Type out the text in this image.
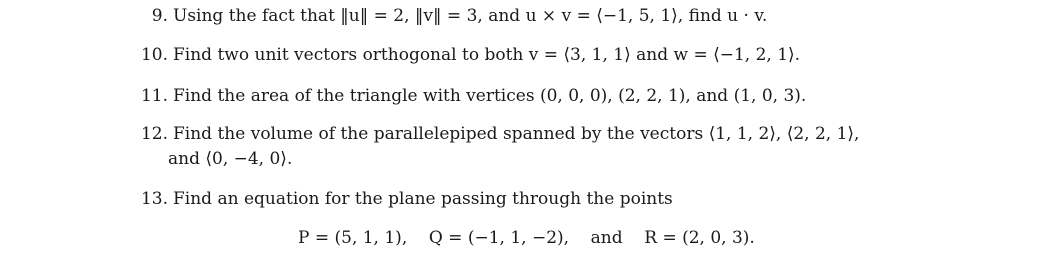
9. Using the fact that ‖u‖ = 2, ‖v‖ = 3, and u × v = ⟨−1, 5, 1⟩, find u · v.
10. Find two unit vectors orthogonal to both v = ⟨3, 1, 1⟩ and w = ⟨−1, 2, 1⟩.
11. Find the area of the triangle with vertices (0, 0, 0), (2, 2, 1), and (1, 0, 3).
12. Find the volume of the parallelepiped spanned by the vectors ⟨1, 1, 2⟩, ⟨2, 2, 1⟩,
and ⟨0, −4, 0⟩.
13. Find an equation for the plane passing through the points
P = (5, 1, 1),    Q = (−1, 1, −2),    and    R = (2, 0, 3).
